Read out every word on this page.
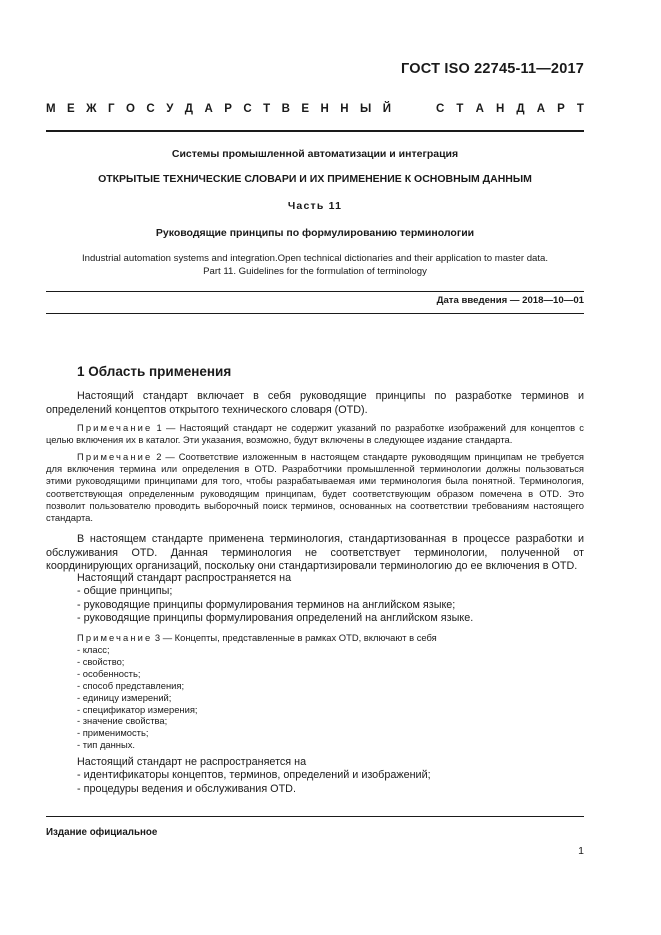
ГОСТ ISO 22745-11—2017
М Е Ж Г О С У Д А Р С Т В Е Н Н Ы Й	С Т А Н Д А Р Т
Системы промышленной автоматизации и интеграция
ОТКРЫТЫЕ ТЕХНИЧЕСКИЕ СЛОВАРИ И ИХ ПРИМЕНЕНИЕ К ОСНОВНЫМ ДАННЫМ
Часть 11
Руководящие принципы по формулированию терминологии
Industrial automation systems and integration.Open technical dictionaries and their application to master data.
Part 11. Guidelines for the formulation of terminology
Дата введения — 2018—10—01
1 Область применения
Настоящий стандарт включает в себя руководящие принципы по разработке терминов и определений концептов открытого технического словаря (OTD).
Примечание 1 — Настоящий стандарт не содержит указаний по разработке изображений для концептов с целью включения их в каталог. Эти указания, возможно, будут включены в следующее издание стандарта.
Примечание 2 — Соответствие изложенным в настоящем стандарте руководящим принципам не требуется для включения термина или определения в OTD. Разработчики промышленной терминологии должны пользоваться этими руководящими принципами для того, чтобы разрабатываемая ими терминология была понятной. Терминология, соответствующая определенным руководящим принципам, будет соответствующим образом помечена в OTD. Это позволит пользователю проводить выборочный поиск терминов, основанных на соответствии требованиям настоящего стандарта.
В настоящем стандарте применена терминология, стандартизованная в процессе разработки и обслуживания OTD. Данная терминология не соответствует терминологии, полученной от координирующих организаций, поскольку они стандартизировали терминологию до ее включения в OTD.
Настоящий стандарт распространяется на
- общие принципы;
- руководящие принципы формулирования терминов на английском языке;
- руководящие принципы формулирования определений на английском языке.
Примечание 3 — Концепты, представленные в рамках OTD, включают в себя
- класс;
- свойство;
- особенность;
- способ представления;
- единицу измерений;
- спецификатор измерения;
- значение свойства;
- применимость;
- тип данных.
Настоящий стандарт не распространяется на
- идентификаторы концептов, терминов, определений и изображений;
- процедуры ведения и обслуживания OTD.
Издание официальное
1
